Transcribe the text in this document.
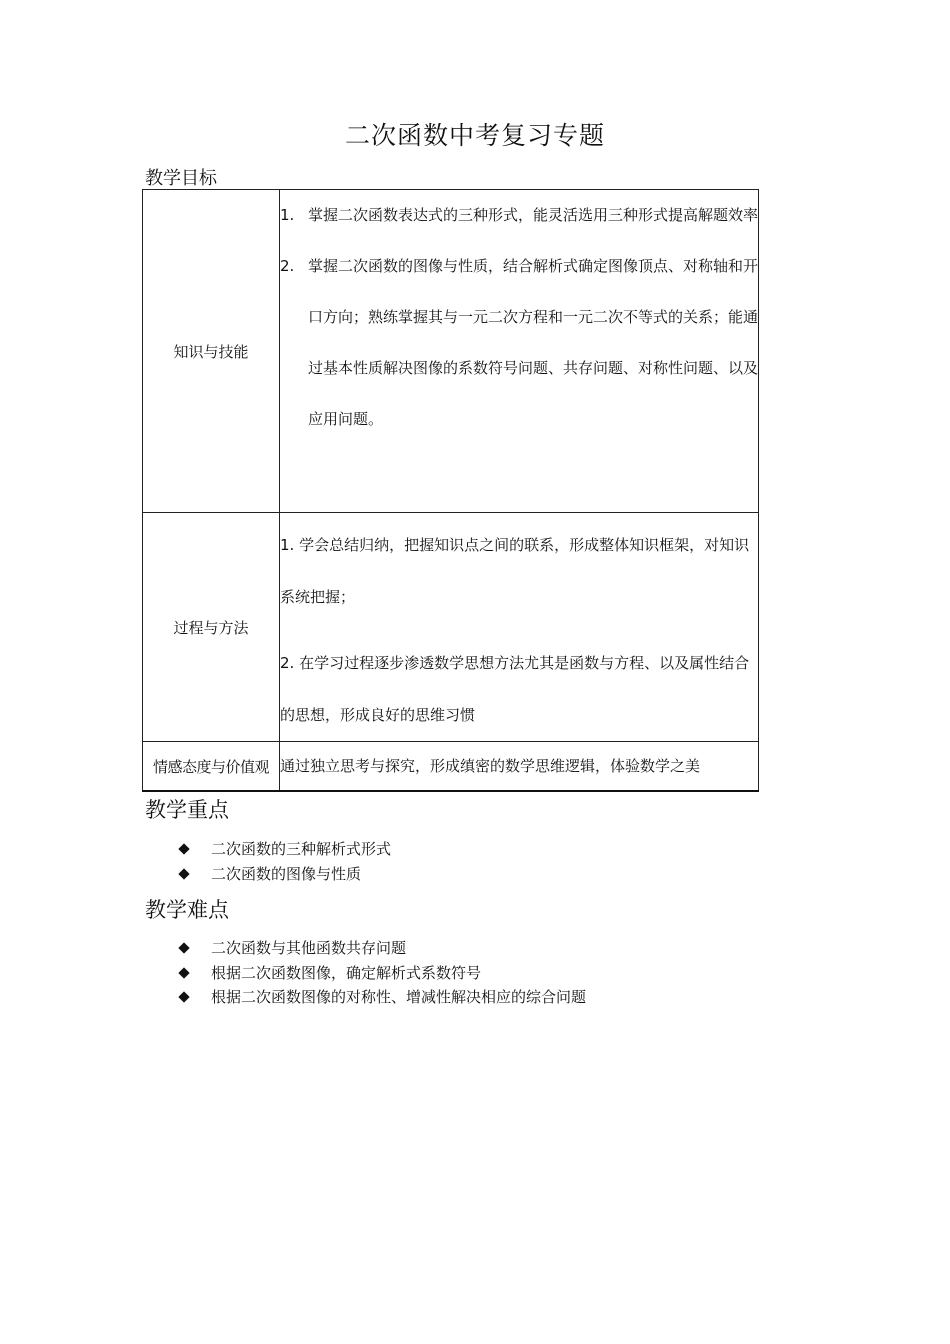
二次函数中考复习专题
教学目标
知识与技能	1. 掌握二次函数表达式的三种形式，能灵活选用三种形式提高解题效率
2. 掌握二次函数的图像与性质，结合解析式确定图像顶点、对称轴和开口方向；熟练掌握其与一元二次方程和一元二次不等式的关系；能通过基本性质解决图像的系数符号问题、共存问题、对称性问题、以及应用问题。

过程与方法	1. 学会总结归纳，把握知识点之间的联系，形成整体知识框架，对知识系统把握；
2. 在学习过程逐步渗透数学思想方法尤其是函数与方程、以及属性结合的思想，形成良好的思维习惯

情感态度与价值观	通过独立思考与探究，形成缜密的数学思维逻辑，体验数学之美
教学重点
二次函数的三种解析式形式
二次函数的图像与性质
教学难点
二次函数与其他函数共存问题
根据二次函数图像，确定解析式系数符号
根据二次函数图像的对称性、增减性解决相应的综合问题
